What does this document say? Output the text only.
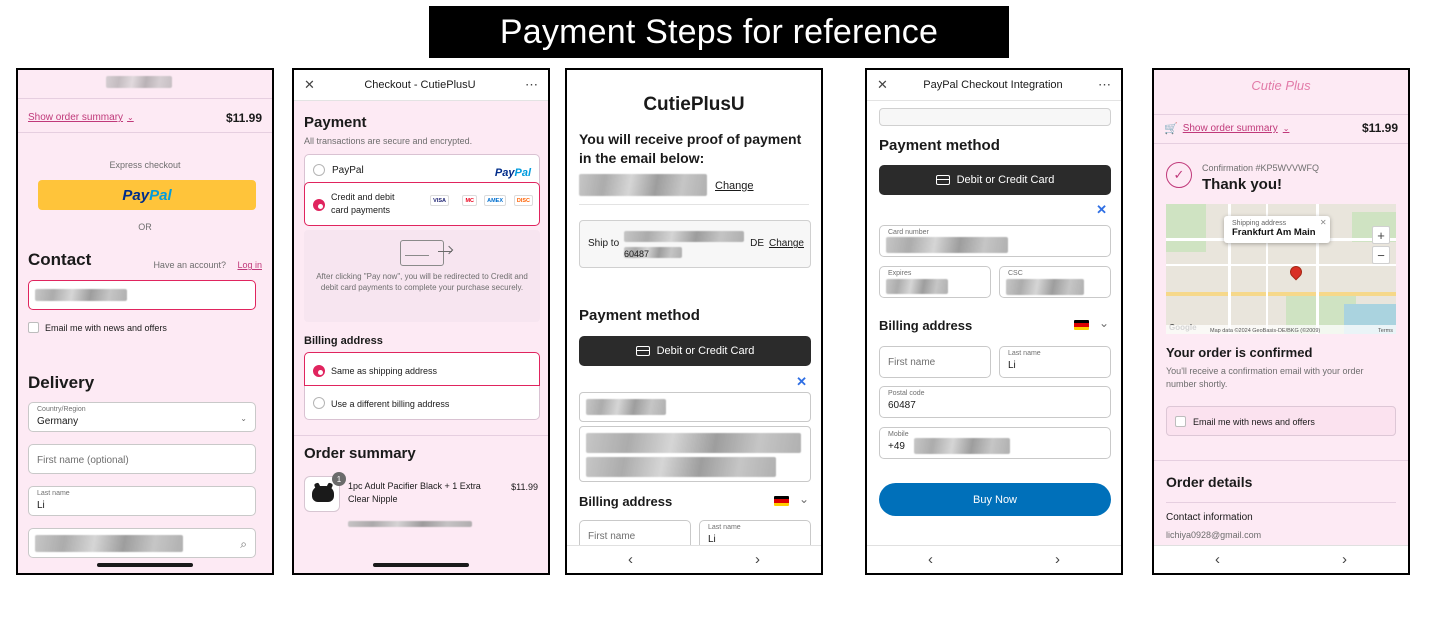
Payment Steps for reference
Show order summary ⌄	$11.99
Express checkout
PayPal
OR
Contact	Have an account? Log in
Email me with news and offers
Delivery
Country/Region
Germany	⌄
First name (optional)
Last name
Li
⌕
✕	Checkout - CutiePlusU	⋯
Payment
All transactions are secure and encrypted.
PayPal	PayPal
Credit and debit
card payments
VISA	MC	AMEX	DISC
After clicking "Pay now", you will be redirected to Credit and debit card payments to complete your purchase securely.
Billing address
Same as shipping address
Use a different billing address
Order summary
1
1pc Adult Pacifier Black + 1 Extra Clear Nipple
$11.99
CutiePlusU
You will receive proof of payment
in the email below:
Change
Ship to
60487
DE Change
Payment method
Debit or Credit Card
✕
Billing address	⌄
First name
Last name
Li
‹	›
✕	PayPal Checkout Integration	⋯
Payment method
Debit or Credit Card
✕
Card number
Expires	CSC
Billing address	⌄
First name
Last name
Li
Postal code
60487
Mobile
+49
Buy Now
‹	›
Cutie Plus
🛒 Show order summary ⌄	$11.99
✓	Confirmation #KP5WVVWFQ
Thank you!
Shipping address
Frankfurt Am Main
✕
+
−
Map data ©2024 GeoBasis-DE/BKG (©2009)	Terms
Your order is confirmed
You'll receive a confirmation email with your order number shortly.
Email me with news and offers
Order details
Contact information
lichiya0928@gmail.com
‹	›
